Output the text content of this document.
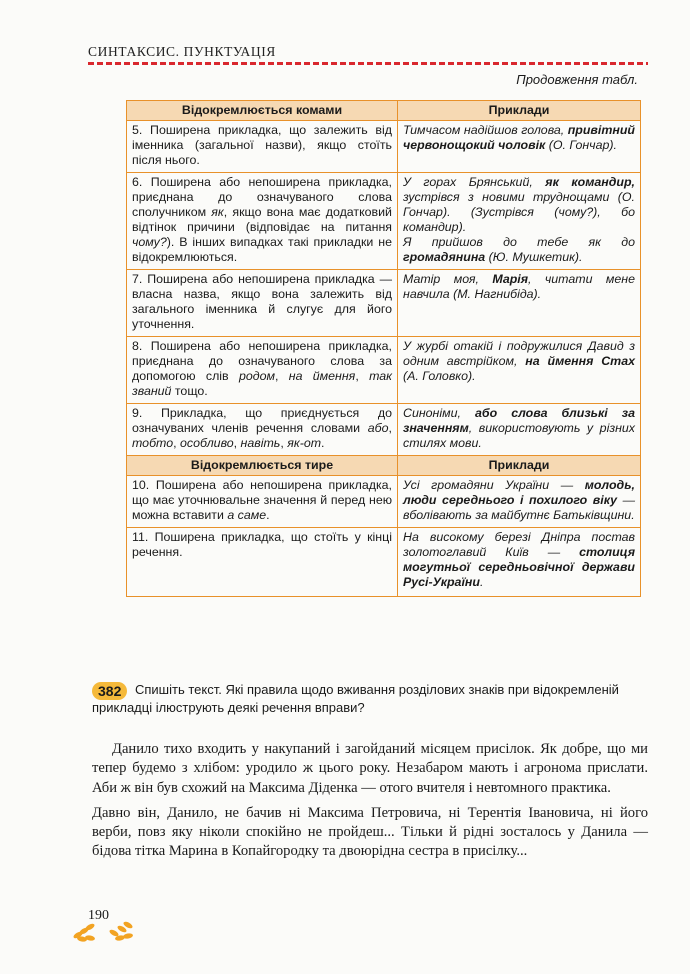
СИНТАКСИС. ПУНКТУАЦІЯ
Продовження табл.
Відокремлюється комами	Приклади
5. Поширена прикладка, що залежить від іменника (загальної назви), якщо стоїть після нього.	Тимчасом надійшов голова, привітний червонощокий чоловік (О. Гончар).
6. Поширена або непоширена прикладка, приєднана до означуваного слова сполучником як, якщо вона має додатковий відтінок причини (відповідає на питання чому?). В інших випадках такі прикладки не відокремлюються.	У горах Брянський, як командир, зустрівся з новими труднощами (О. Гончар). (Зустрівся (чому?), бо командир).
Я прийшов до тебе як до громадянина (Ю. Мушкетик).
7. Поширена або непоширена прикладка — власна назва, якщо вона залежить від загального іменника й слугує для його уточнення.	Матір моя, Марія, читати мене навчила (М. Нагнибіда).
8. Поширена або непоширена прикладка, приєднана до означуваного слова за допомогою слів родом, на ймення, так званий тощо.	У журбі отакій і подружилися Давид з одним австрійком, на ймення Стах (А. Головко).
9. Прикладка, що приєднується до означуваних членів речення словами або, тобто, особливо, навіть, як-от.	Синоніми, або слова близькі за значенням, використовують у різних стилях мови.
Відокремлюється тире	Приклади
10. Поширена або непоширена прикладка, що має уточнювальне значення й перед нею можна вставити а саме.	Усі громадяни України — молодь, люди середнього і похилого віку — вболівають за майбутнє Батьківщини.
11. Поширена прикладка, що стоїть у кінці речення.	На високому березі Дніпра постав золотоглавий Київ — столиця могутньої середньовічної держави Русі-України.
382 Спишіть текст. Які правила щодо вживання розділових знаків при відокремленій прикладці ілюструють деякі речення вправи?

Данило тихо входить у накупаний і загойданий місяцем присілок. Як добре, що ми тепер будемо з хлібом: уродило ж цього року. Незабаром мають і агронома прислати. Аби ж він був схожий на Максима Діденка — отого вчителя і невтомного практика.

Давно він, Данило, не бачив ні Максима Петровича, ні Терентія Івановича, ні його верби, повз яку ніколи спокійно не пройдеш... Тільки й рідні зосталось у Данила — бідова тітка Марина в Копайгородку та двоюрідна сестра в присілку...

190
